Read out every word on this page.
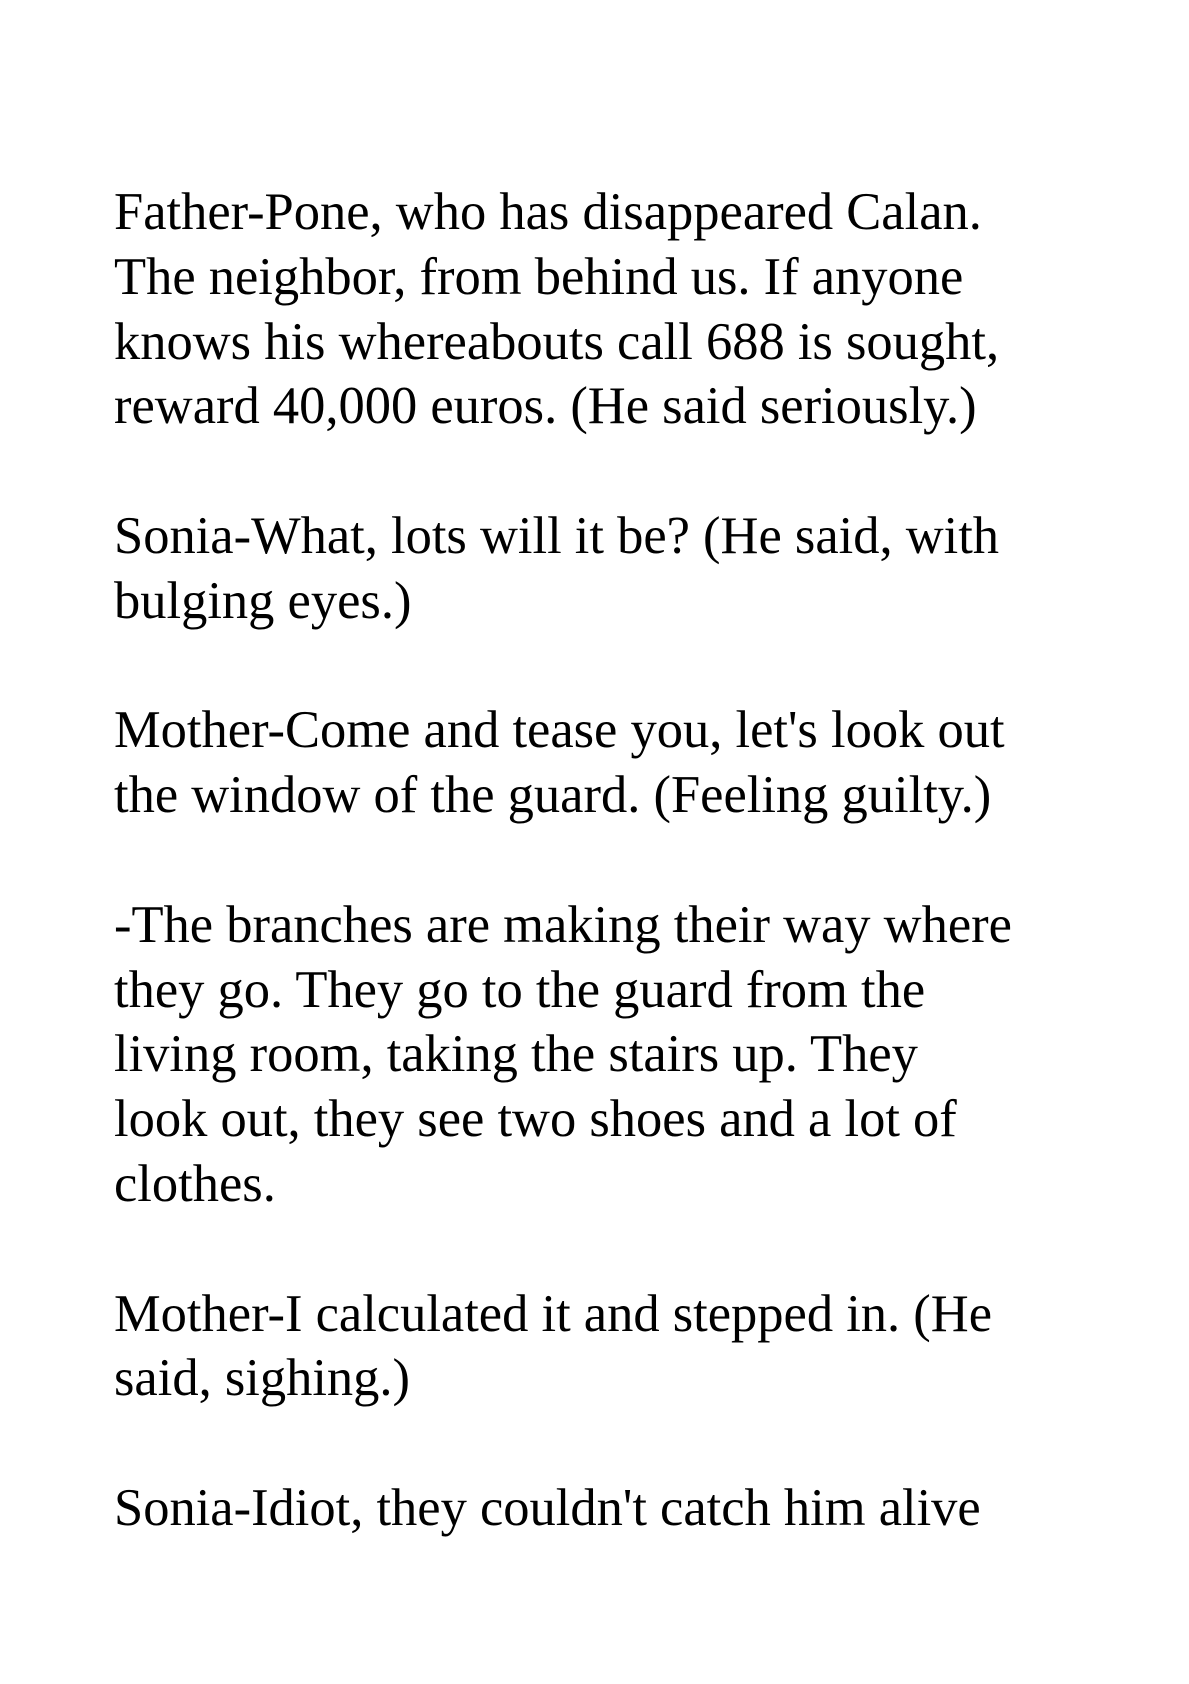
Father-Pone, who has disappeared Calan.
The neighbor, from behind us. If anyone
knows his whereabouts call 688 is sought,
reward 40,000 euros. (He said seriously.)

Sonia-What, lots will it be? (He said, with
bulging eyes.)

Mother-Come and tease you, let's look out
the window of the guard. (Feeling guilty.)

-The branches are making their way where
they go. They go to the guard from the
living room, taking the stairs up. They
look out, they see two shoes and a lot of
clothes.

Mother-I calculated it and stepped in. (He
said, sighing.)

Sonia-Idiot, they couldn't catch him alive
